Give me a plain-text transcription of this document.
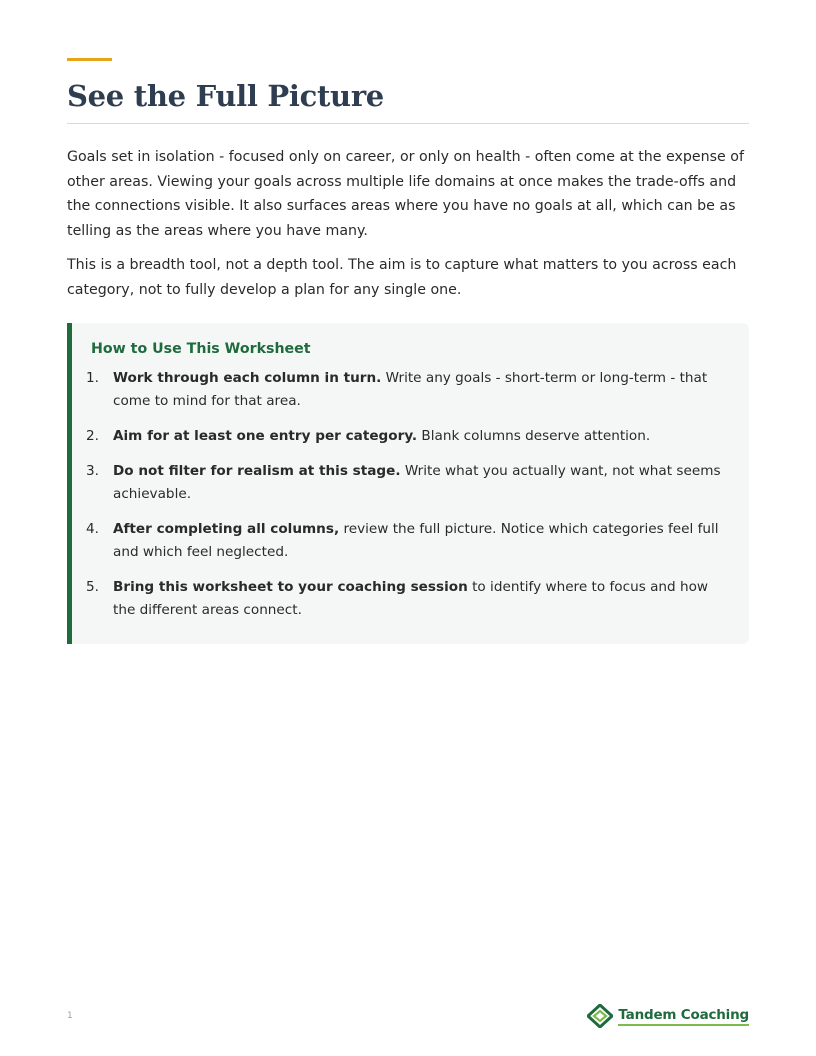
See the Full Picture

Goals set in isolation - focused only on career, or only on health - often come at the expense of other areas. Viewing your goals across multiple life domains at once makes the trade-offs and the connections visible. It also surfaces areas where you have no goals at all, which can be as telling as the areas where you have many.

This is a breadth tool, not a depth tool. The aim is to capture what matters to you across each category, not to fully develop a plan for any single one.

How to Use This Worksheet
1. Work through each column in turn. Write any goals - short-term or long-term - that come to mind for that area.
2. Aim for at least one entry per category. Blank columns deserve attention.
3. Do not filter for realism at this stage. Write what you actually want, not what seems achievable.
4. After completing all columns, review the full picture. Notice which categories feel full and which feel neglected.
5. Bring this worksheet to your coaching session to identify where to focus and how the different areas connect.
1	Tandem Coaching
